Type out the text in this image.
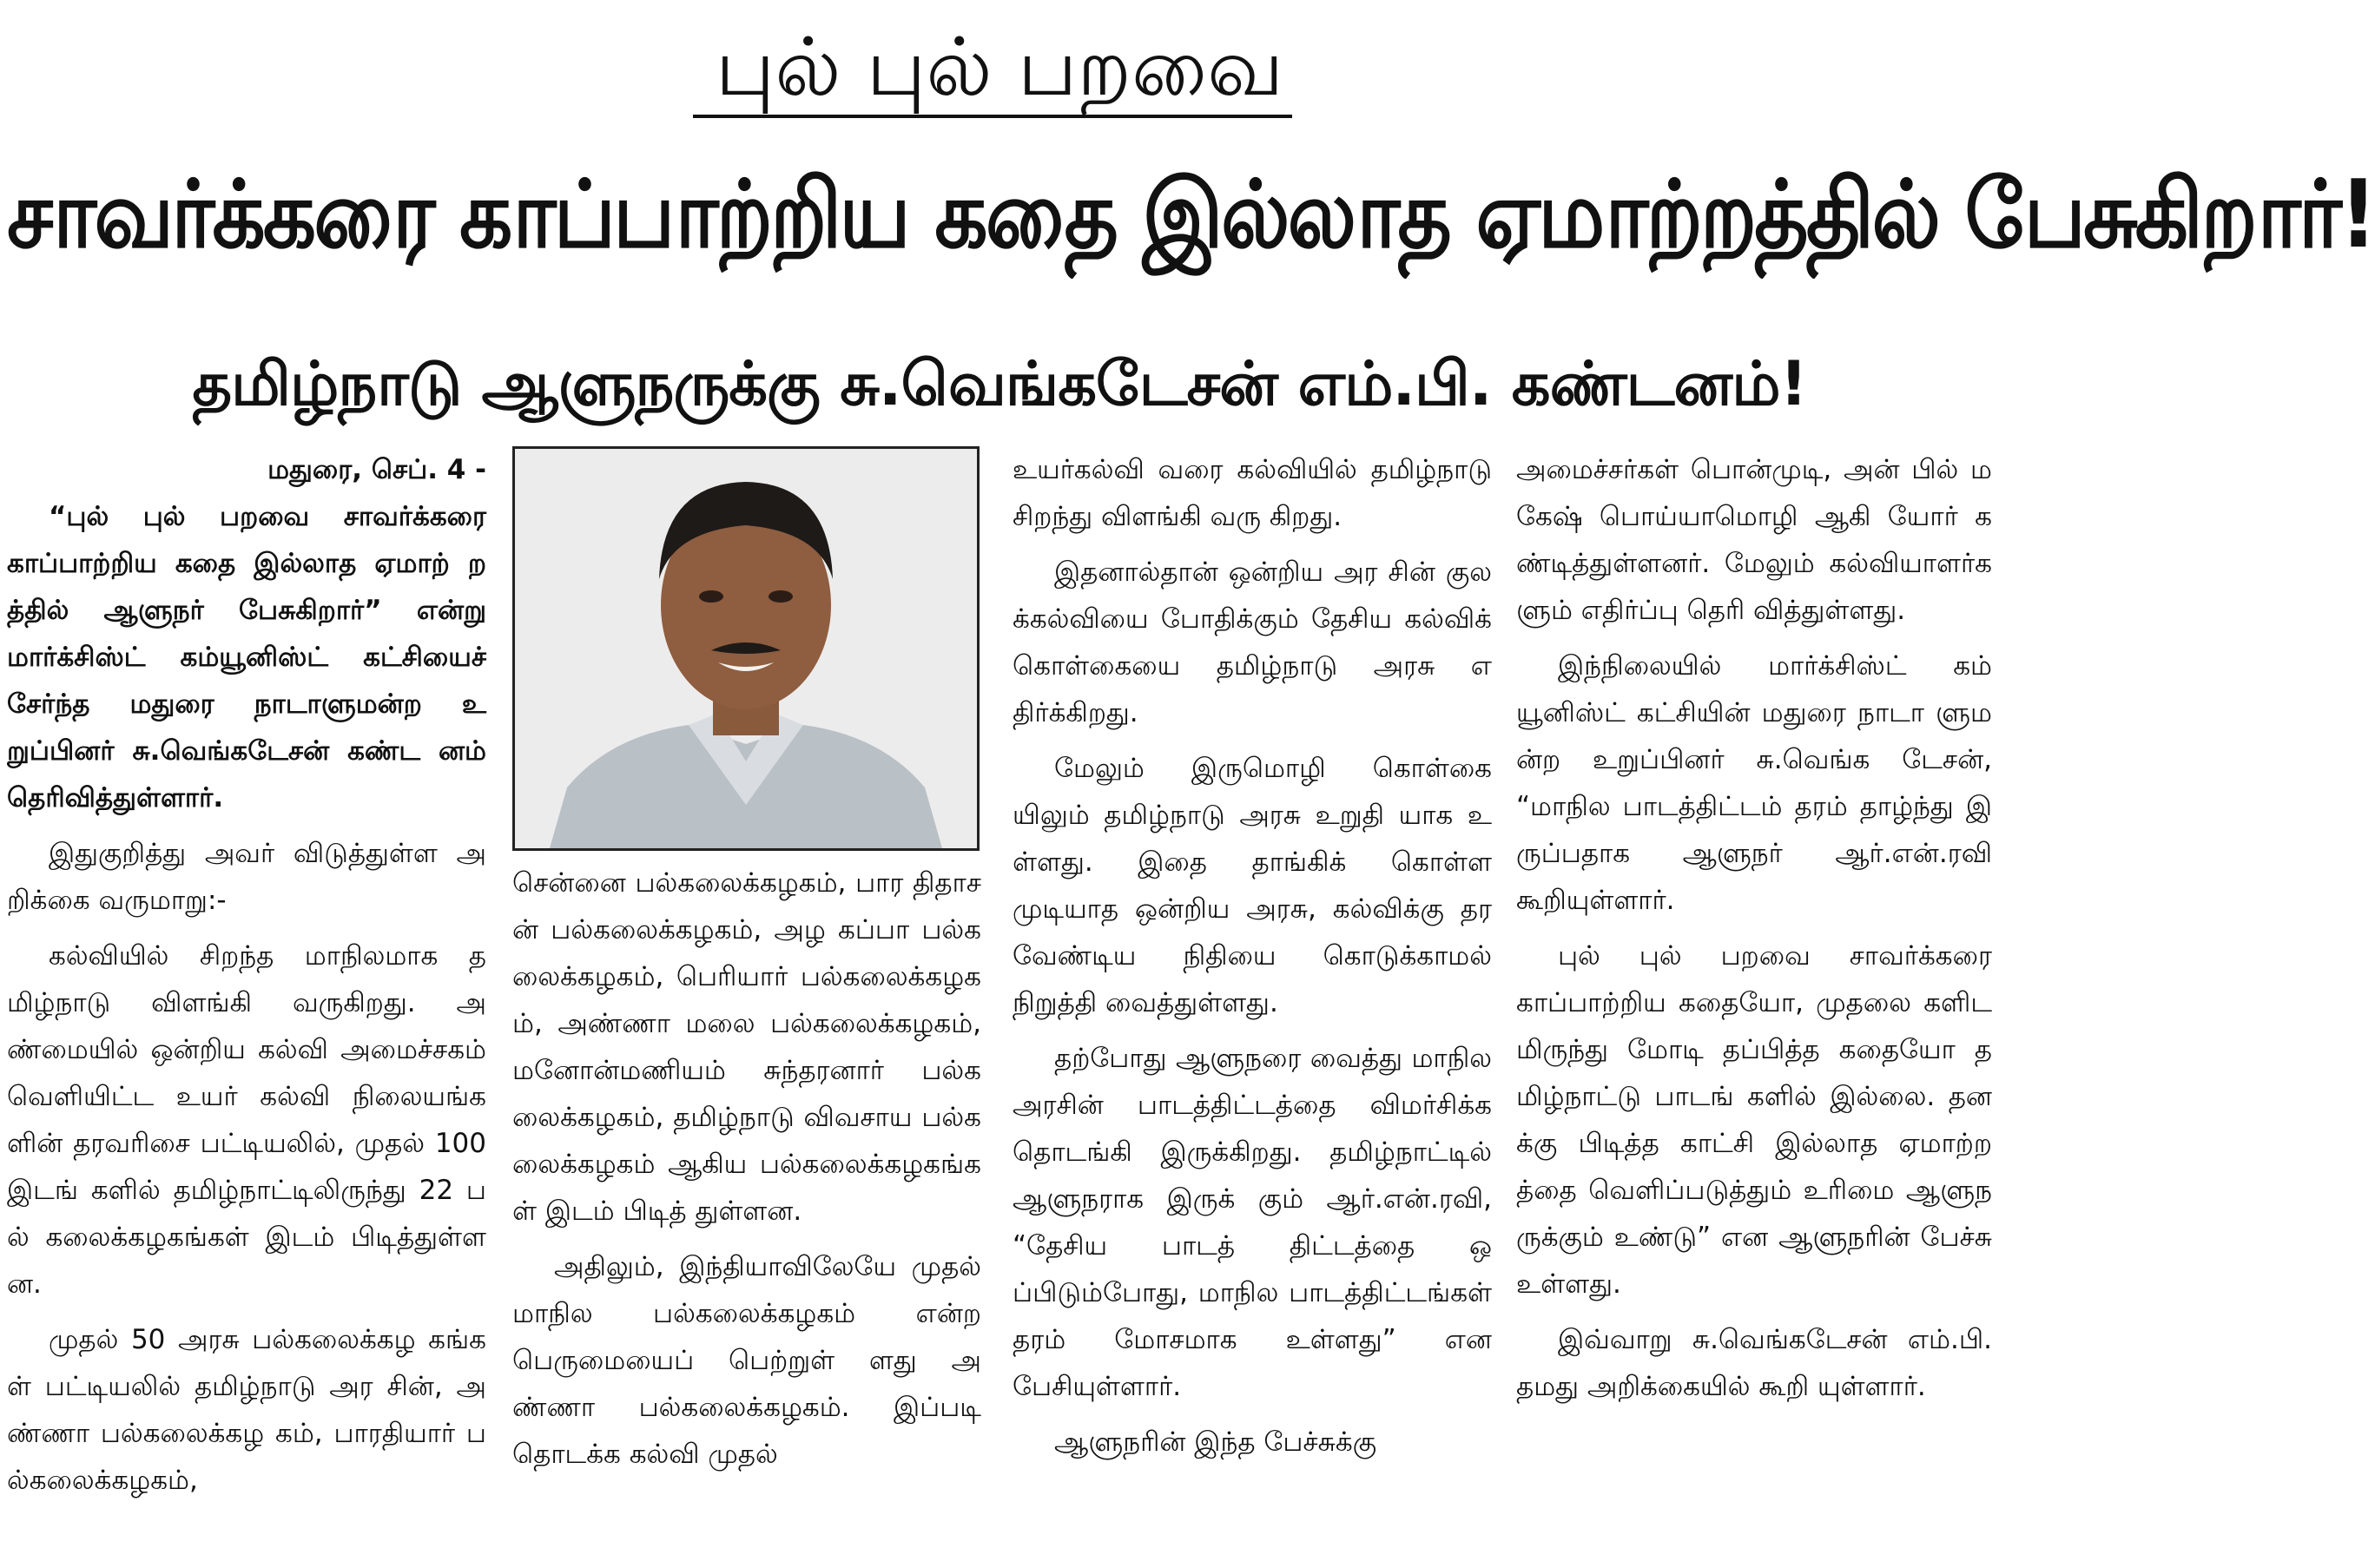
புல் புல் பறவை
சாவர்க்கரை காப்பாற்றிய கதை இல்லாத ஏமாற்றத்தில் பேசுகிறார்!
தமிழ்நாடு ஆளுநருக்கு சு.வெங்கடேசன் எம்.பி. கண்டனம்!

மதுரை, செப். 4 -

“புல் புல் பறவை சாவர்க்கரை காப்பாற்றிய கதை இல்லாத ஏமாற் றத்தில் ஆளுநர் பேசுகிறார்” என்று மார்க்சிஸ்ட் கம்யூனிஸ்ட் கட்சியைச் சேர்ந்த மதுரை நாடாளுமன்ற உறுப்பினர் சு.வெங்கடேசன் கண்ட னம் தெரிவித்துள்ளார்.

இதுகுறித்து அவர் விடுத்துள்ள அறிக்கை வருமாறு:-

கல்வியில் சிறந்த மாநிலமாக தமிழ்நாடு விளங்கி வருகிறது. அண்மையில் ஒன்றிய கல்வி அமைச்சகம் வெளியிட்ட உயர் கல்வி நிலையங்களின் தரவரிசை பட்டியலில், முதல் 100 இடங் களில் தமிழ்நாட்டிலிருந்து 22 பல் கலைக்கழகங்கள் இடம் பிடித்துள்ளன.

முதல் 50 அரசு பல்கலைக்கழ கங்கள் பட்டியலில் தமிழ்நாடு அர சின், அண்ணா பல்கலைக்கழ கம், பாரதியார் பல்கலைக்கழகம்,

சென்னை பல்கலைக்கழகம், பார திதாசன் பல்கலைக்கழகம், அழ கப்பா பல்கலைக்கழகம், பெரியார் பல்கலைக்கழகம், அண்ணா மலை பல்கலைக்கழகம், மனோன்மணியம் சுந்தரனார் பல்கலைக்கழகம், தமிழ்நாடு விவசாய பல்கலைக்கழகம் ஆகிய பல்கலைக்கழகங்கள் இடம் பிடித் துள்ளன.

அதிலும், இந்தியாவிலேயே முதல் மாநில பல்கலைக்கழகம் என்ற பெருமையைப் பெற்றுள் ளது அண்ணா பல்கலைக்கழகம். இப்படி தொடக்க கல்வி முதல்

உயர்கல்வி வரை கல்வியில் தமிழ்நாடு சிறந்து விளங்கி வரு கிறது.

இதனால்தான் ஒன்றிய அர சின் குலக்கல்வியை போதிக்கும் தேசிய கல்விக் கொள்கையை தமிழ்நாடு அரசு எதிர்க்கிறது.

மேலும் இருமொழி கொள்கை யிலும் தமிழ்நாடு அரசு உறுதி யாக உள்ளது. இதை தாங்கிக் கொள்ள முடியாத ஒன்றிய அரசு, கல்விக்கு தரவேண்டிய நிதியை கொடுக்காமல் நிறுத்தி வைத்துள்ளது.

தற்போது ஆளுநரை வைத்து மாநில அரசின் பாடத்திட்டத்தை விமர்சிக்க தொடங்கி இருக்கிறது. தமிழ்நாட்டில் ஆளுநராக இருக் கும் ஆர்.என்.ரவி, “தேசிய பாடத் திட்டத்தை ஒப்பிடும்போது, மாநில பாடத்திட்டங்கள் தரம் மோசமாக உள்ளது” என பேசியுள்ளார்.

ஆளுநரின் இந்த பேச்சுக்கு

அமைச்சர்கள் பொன்முடி, அன் பில் மகேஷ் பொய்யாமொழி ஆகி யோர் கண்டித்துள்ளனர். மேலும் கல்வியாளர்களும் எதிர்ப்பு தெரி வித்துள்ளது.

இந்நிலையில் மார்க்சிஸ்ட் கம் யூனிஸ்ட் கட்சியின் மதுரை நாடா ளுமன்ற உறுப்பினர் சு.வெங்க டேசன், “மாநில பாடத்திட்டம் தரம் தாழ்ந்து இருப்பதாக ஆளுநர் ஆர்.என்.ரவி கூறியுள்ளார்.

புல் புல் பறவை சாவர்க்கரை காப்பாற்றிய கதையோ, முதலை களிடமிருந்து மோடி தப்பித்த கதையோ தமிழ்நாட்டு பாடங் களில் இல்லை. தனக்கு பிடித்த காட்சி இல்லாத ஏமாற்றத்தை வெளிப்படுத்தும் உரிமை ஆளுநருக்கும் உண்டு” என ஆளுநரின் பேச்சு உள்ளது.

இவ்வாறு சு.வெங்கடேசன் எம்.பி. தமது அறிக்கையில் கூறி யுள்ளார்.
